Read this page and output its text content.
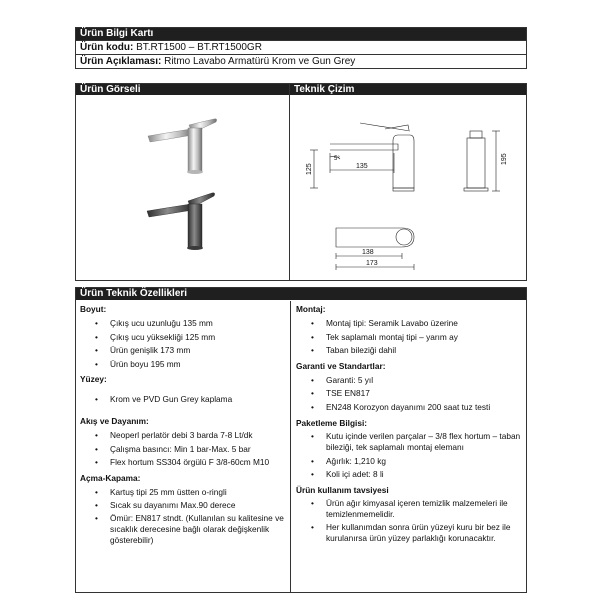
Ürün Bilgi Kartı
Ürün kodu: BT.RT1500 – BT.RT1500GR
Ürün Açıklaması: Ritmo Lavabo Armatürü Krom ve Gun Grey
Ürün Görseli	Teknik Çizim
5°
135
125
195
138
173
Ürün Teknik Özellikleri
Boyut:
• Çıkış ucu uzunluğu 135 mm
• Çıkış ucu yüksekliği 125 mm
• Ürün genişlik 173 mm
• Ürün boyu 195 mm
Yüzey:
• Krom ve PVD Gun Grey kaplama
Akış ve Dayanım:
• Neoperl perlatör debi 3 barda 7-8 Lt/dk
• Çalışma basıncı: Min 1 bar-Max. 5 bar
• Flex hortum SS304 örgülü F 3/8-60cm M10
Açma-Kapama:
• Kartuş tipi 25 mm üstten o-ringli
• Sıcak su dayanımı Max.90 derece
• Ömür: EN817 stndt. (Kullanılan su kalitesine ve sıcaklık derecesine bağlı olarak değişkenlik gösterebilir)
Montaj:
• Montaj tipi: Seramik Lavabo üzerine
• Tek saplamalı montaj tipi – yarım ay
• Taban bileziği dahil
Garanti ve Standartlar:
• Garanti: 5 yıl
• TSE EN817
• EN248 Korozyon dayanımı 200 saat tuz testi
Paketleme Bilgisi:
• Kutu içinde verilen parçalar – 3/8 flex hortum – taban bileziği, tek saplamalı montaj elemanı
• Ağırlık: 1,210 kg
• Koli içi adet: 8 li
Ürün kullanım tavsiyesi
• Ürün ağır kimyasal içeren temizlik malzemeleri ile temizlenmemelidir.
• Her kullanımdan sonra ürün yüzeyi kuru bir bez ile kurulanırsa ürün yüzey parlaklığı korunacaktır.
